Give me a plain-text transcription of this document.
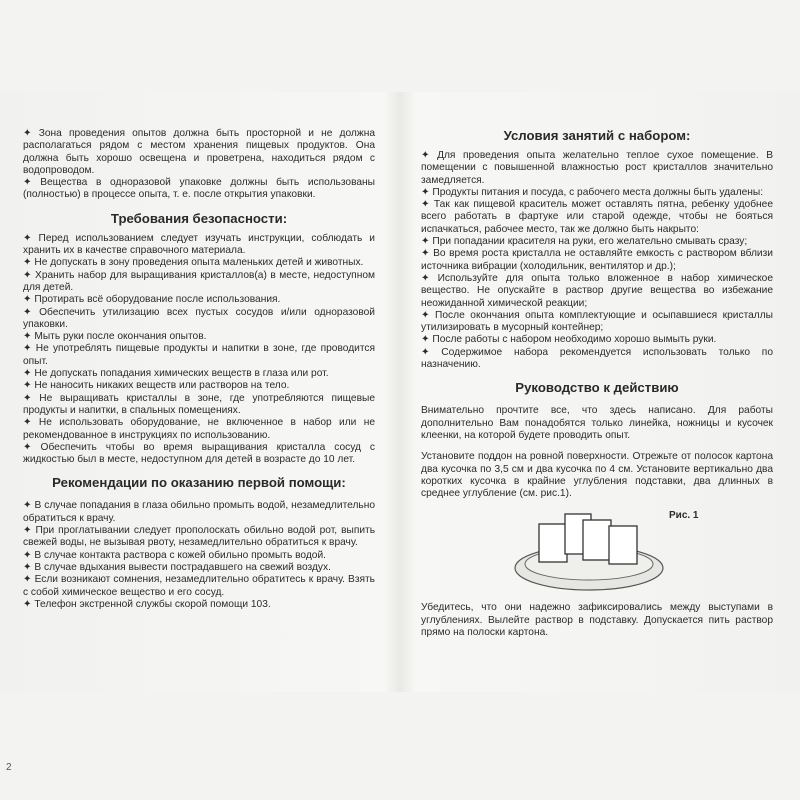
✦ Зона проведения опытов должна быть просторной и не должна располагаться рядом с местом хранения пищевых продуктов. Она должна быть хорошо освещена и проветрена, находиться рядом с водопроводом.

✦ Вещества в одноразовой упаковке должны быть использованы (полностью) в процессе опыта, т. е. после открытия упаковки.

Требования безопасности:

✦ Перед использованием следует изучать инструкции, соблюдать и хранить их в качестве справочного материала.

✦ Не допускать в зону проведения опыта маленьких детей и животных.

✦ Хранить набор для выращивания кристаллов(а) в месте, недоступном для детей.

✦ Протирать всё оборудование после использования.

✦ Обеспечить утилизацию всех пустых сосудов и/или одноразовой упаковки.

✦ Мыть руки после окончания опытов.

✦ Не употреблять пищевые продукты и напитки в зоне, где проводится опыт.

✦ Не допускать попадания химических веществ в глаза или рот.

✦ Не наносить никаких веществ или растворов на тело.

✦ Не выращивать кристаллы в зоне, где употребляются пищевые продукты и напитки, в спальных помещениях.

✦ Не использовать оборудование, не включенное в набор или не рекомендованное в инструкциях по использованию.

✦ Обеспечить чтобы во время выращивания кристалла сосуд с жидкостью был в месте, недоступном для детей в возрасте до 10 лет.

Рекомендации по оказанию первой помощи:

✦ В случае попадания в глаза обильно промыть водой, незамедлительно обратиться к врачу.

✦ При проглатывании следует прополоскать обильно водой рот, выпить свежей воды, не вызывая рвоту, незамедлительно обратиться к врачу.

✦ В случае контакта раствора с кожей обильно промыть водой.

✦ В случае вдыхания вывести пострадавшего на свежий воздух.

✦ Если возникают сомнения, незамедлительно обратитесь к врачу. Взять с собой химическое вещество и его сосуд.

✦ Телефон экстренной службы скорой помощи 103.

Условия занятий с набором:

✦ Для проведения опыта желательно теплое сухое помещение. В помещении с повышенной влажностью рост кристаллов значительно замедляется.

✦ Продукты питания и посуда, с рабочего места должны быть удалены:

✦ Так как пищевой краситель может оставлять пятна, ребенку удобнее всего работать в фартуке или старой одежде, чтобы не бояться испачкаться, рабочее место, так же должно быть накрыто:

✦ При попадании красителя на руки, его желательно смывать сразу;

✦ Во время роста кристалла не оставляйте емкость с раствором вблизи источника вибрации (холодильник, вентилятор и др.);

✦ Используйте для опыта только вложенное в набор химическое вещество. Не опускайте в раствор другие вещества во избежание неожиданной химической реакции;

✦ После окончания опыта комплектующие и осыпавшиеся кристаллы утилизировать в мусорный контейнер;

✦ После работы с набором необходимо хорошо вымыть руки.

✦ Содержимое набора рекомендуется использовать только по назначению.

Руководство к действию

Внимательно прочтите все, что здесь написано. Для работы дополнительно Вам понадобятся только линейка, ножницы и кусочек клеенки, на которой будете проводить опыт.

Установите поддон на ровной поверхности. Отрежьте от полосок картона два кусочка по 3,5 см и два кусочка по 4 см. Установите вертикально два коротких кусочка в крайние углубления подставки, два длинных в среднее углубление (см. рис.1).

Рис. 1

Убедитесь, что они надежно зафиксировались между выступами в углублениях. Вылейте раствор в подставку. Допускается пить раствор прямо на полоски картона.

2
